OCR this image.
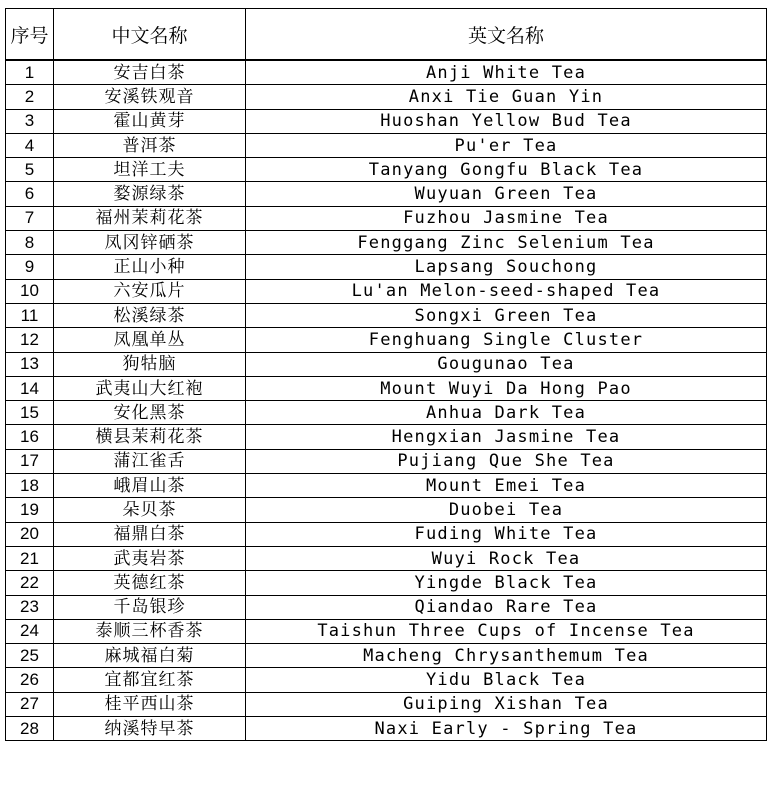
序号	中文名称	英文名称
1	安吉白茶	Anji White Tea
2	安溪铁观音	Anxi Tie Guan Yin
3	霍山黄芽	Huoshan Yellow Bud Tea
4	普洱茶	Pu'er Tea
5	坦洋工夫	Tanyang Gongfu Black Tea
6	婺源绿茶	Wuyuan Green Tea
7	福州茉莉花茶	Fuzhou Jasmine Tea
8	凤冈锌硒茶	Fenggang Zinc Selenium Tea
9	正山小种	Lapsang Souchong
10	六安瓜片	Lu'an Melon-seed-shaped Tea
11	松溪绿茶	Songxi Green Tea
12	凤凰单丛	Fenghuang Single Cluster
13	狗牯脑	Gougunao Tea
14	武夷山大红袍	Mount Wuyi Da Hong Pao
15	安化黑茶	Anhua Dark Tea
16	横县茉莉花茶	Hengxian Jasmine Tea
17	蒲江雀舌	Pujiang Que She Tea
18	峨眉山茶	Mount Emei Tea
19	朵贝茶	Duobei Tea
20	福鼎白茶	Fuding White Tea
21	武夷岩茶	Wuyi Rock Tea
22	英德红茶	Yingde Black Tea
23	千岛银珍	Qiandao Rare Tea
24	泰顺三杯香茶	Taishun Three Cups of Incense Tea
25	麻城福白菊	Macheng Chrysanthemum Tea
26	宜都宜红茶	Yidu Black Tea
27	桂平西山茶	Guiping Xishan Tea
28	纳溪特早茶	Naxi Early - Spring Tea
